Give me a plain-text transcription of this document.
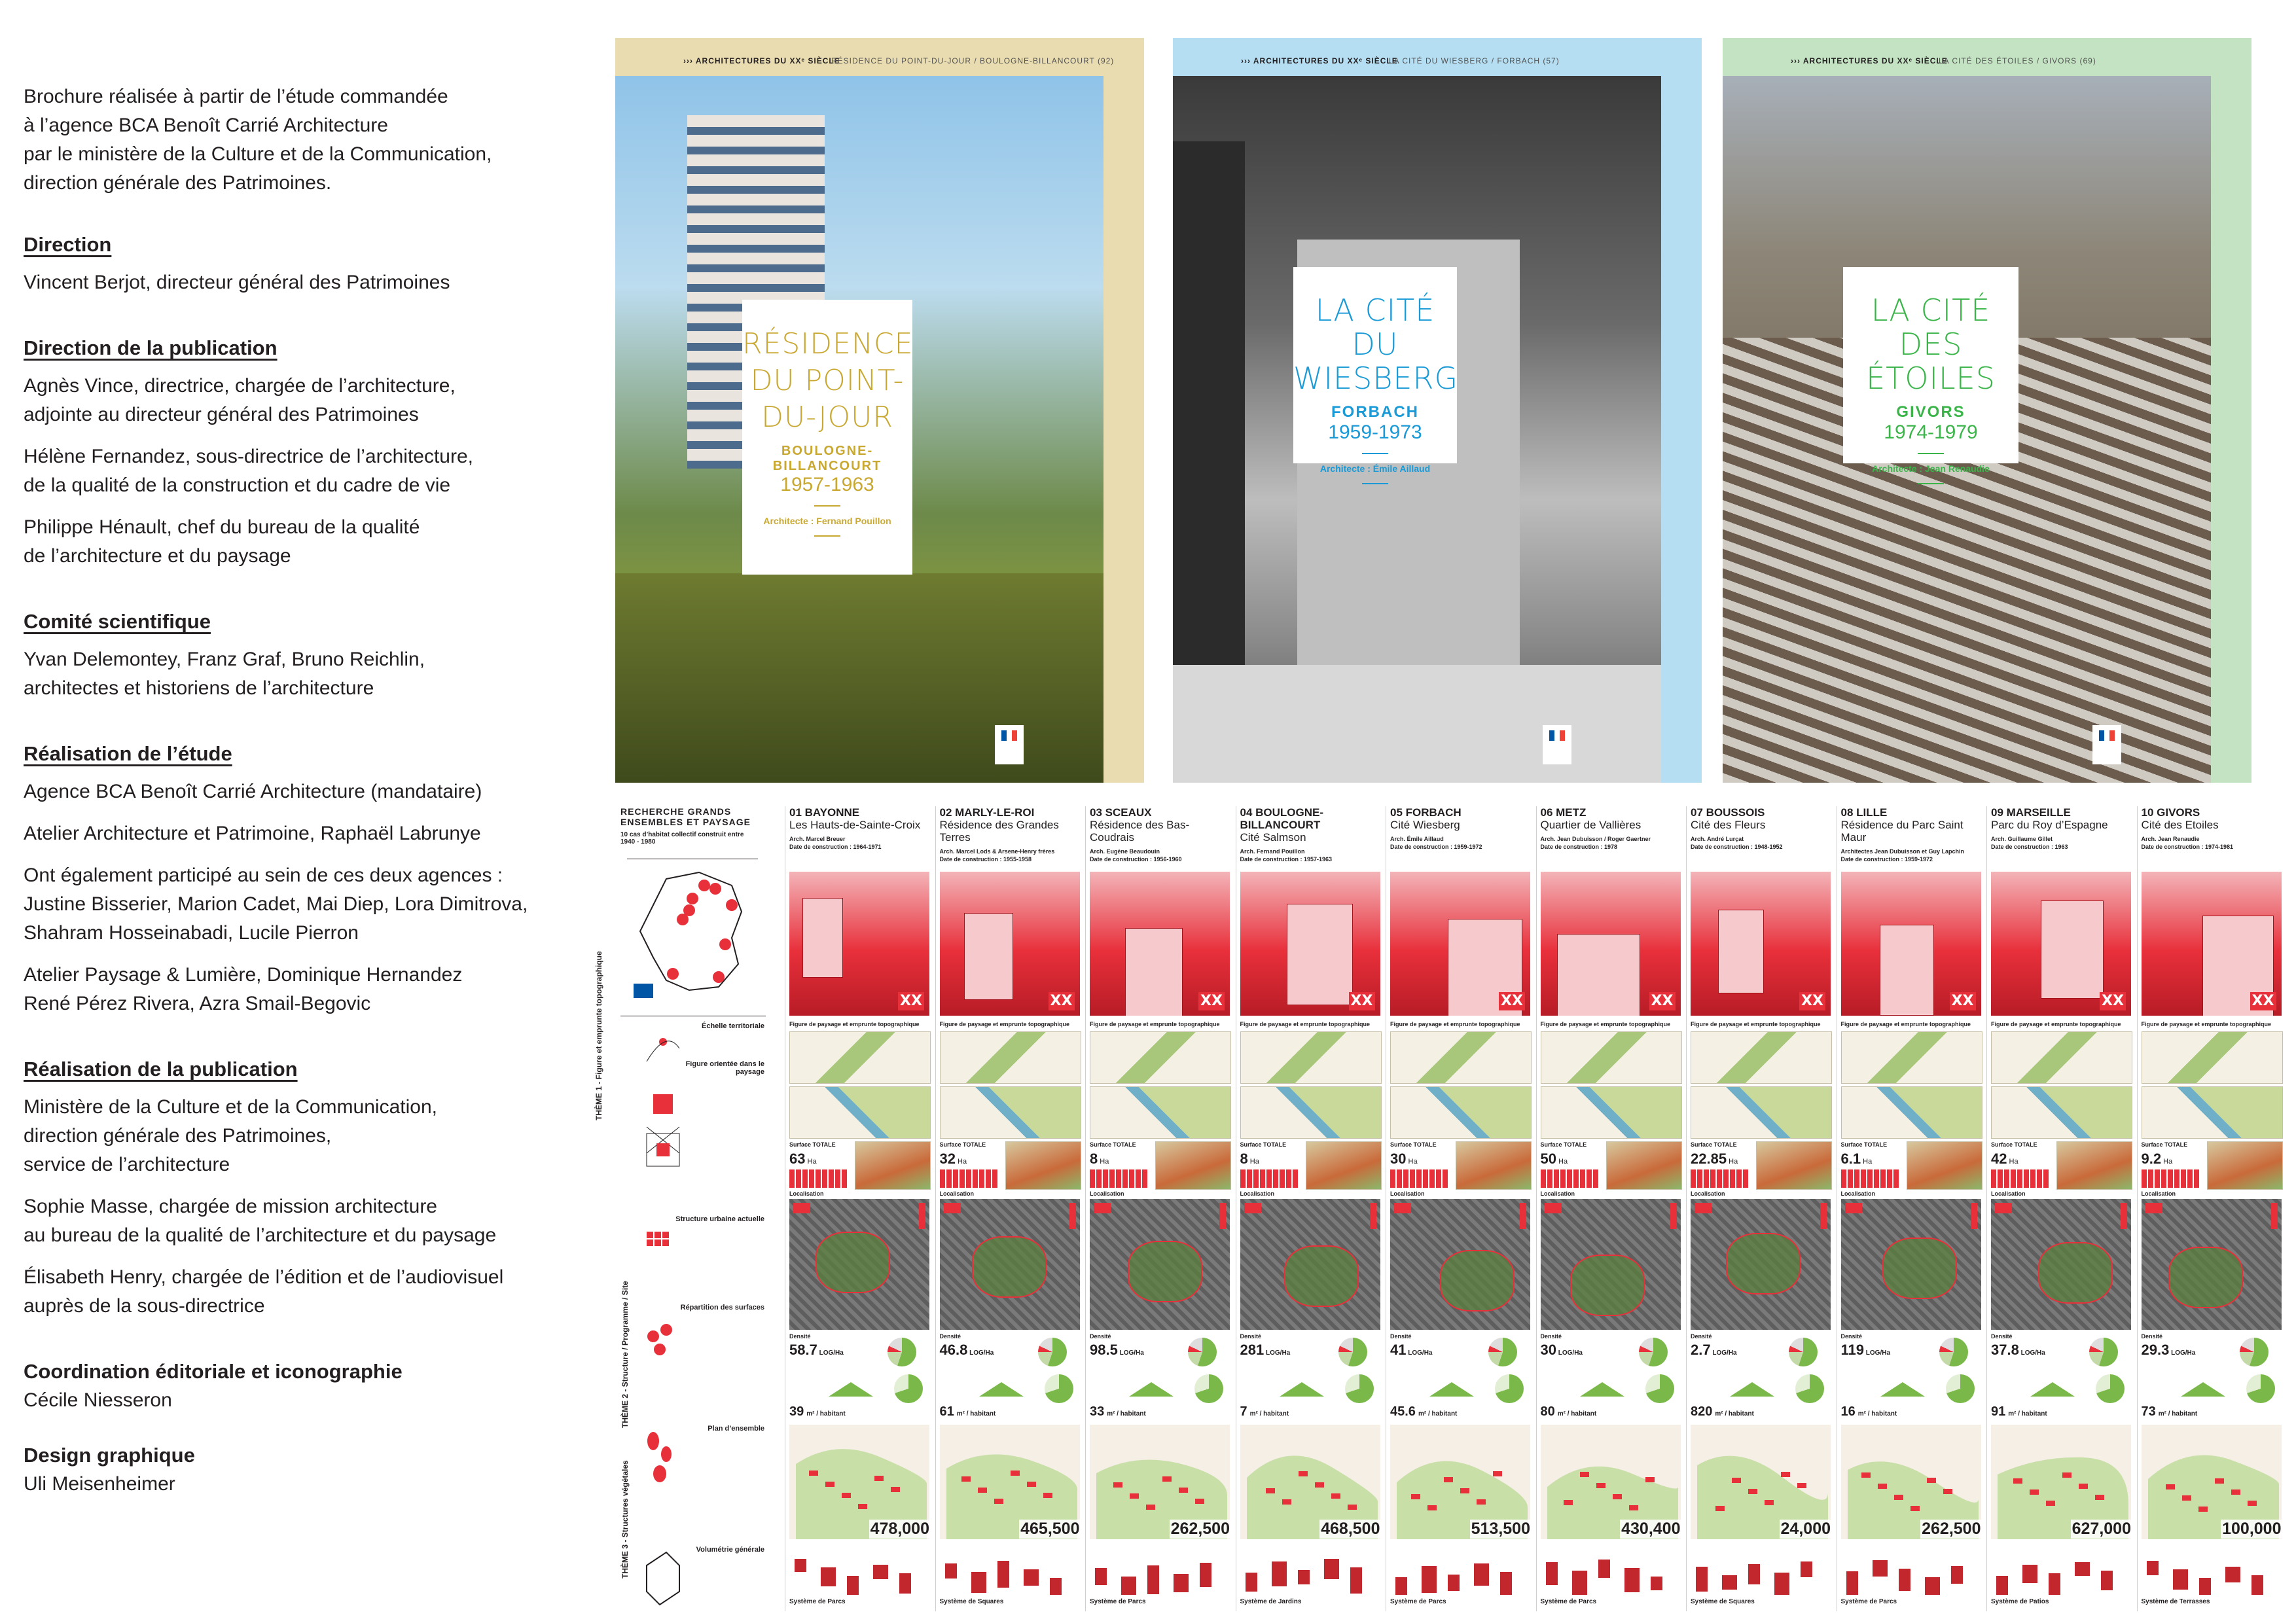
Brochure réalisée à partir de l’étude commandée
à l’agence BCA Benoît Carrié Architecture
par le ministère de la Culture et de la Communication,
direction générale des Patrimoines.

Direction

Vincent Berjot, directeur général des Patrimoines

Direction de la publication

Agnès Vince, directrice, chargée de l’architecture,
adjointe au directeur général des Patrimoines

Hélène Fernandez, sous-directrice de l’architecture,
de la qualité de la construction et du cadre de vie

Philippe Hénault, chef du bureau de la qualité
de l’architecture et du paysage

Comité scientifique

Yvan Delemontey, Franz Graf, Bruno Reichlin,
architectes et historiens de l’architecture

Réalisation de l’étude

Agence BCA Benoît Carrié Architecture (mandataire)

Atelier Architecture et Patrimoine, Raphaël Labrunye

Ont également participé au sein de ces deux agences :
Justine Bisserier, Marion Cadet, Mai Diep, Lora Dimitrova,
Shahram Hosseinabadi, Lucile Pierron

Atelier Paysage & Lumière, Dominique Hernandez
René Pérez Rivera, Azra Smail-Begovic

Réalisation de la publication

Ministère de la Culture et de la Communication,
direction générale des Patrimoines,
service de l’architecture

Sophie Masse, chargée de mission architecture
au bureau de la qualité de l’architecture et du paysage

Élisabeth Henry, chargée de l’édition et de l’audiovisuel
auprès de la sous-directrice

Coordination éditoriale et iconographie

Cécile Niesseron

Design graphique

Uli Meisenheimer

››› ARCHITECTURES DU XXᵉ SIÈCLE
RÉSIDENCE DU POINT-DU-JOUR / BOULOGNE-BILLANCOURT (92)
RÉSIDENCE
DU POINT-
DU-JOUR
BOULOGNE-BILLANCOURT
1957-1963
Architecte : Fernand Pouillon
››› ARCHITECTURES DU XXᵉ SIÈCLE
LA CITÉ DU WIESBERG / FORBACH (57)
LA CITÉ
DU WIESBERG
FORBACH
1959-1973
Architecte : Émile Aillaud
››› ARCHITECTURES DU XXᵉ SIÈCLE
LA CITÉ DES ÉTOILES / GIVORS (69)
LA CITÉ
DES ÉTOILES
GIVORS
1974-1979
Architecte : Jean Renaudie
RECHERCHE GRANDS
ENSEMBLES ET PAYSAGE
10 cas d’habitat collectif construit entre 1940 - 1980
Échelle territoriale
Figure orientée dans le paysage
Structure urbaine actuelle
Répartition des surfaces
Plan d’ensemble
Volumétrie générale
THÈME 1 - Figure et emprunte topographique
THÈME 2 - Structure / Programme / Site
THÈME 3 - Structures végétales
01 BAYONNE
Les Hauts-de-Sainte-Croix
Arch. Marcel Breuer
Date de construction : 1964-1971
XX
Figure de paysage et emprunte topographique
Surface TOTALE
63 Ha
Localisation
Densité
58.7 LOG/Ha
39 m² / habitant
478,000
Système de Parcs
02 MARLY-LE-ROI
Résidence des Grandes Terres
Arch. Marcel Lods & Arsene-Henry frères
Date de construction : 1955-1958
XX
Figure de paysage et emprunte topographique
Surface TOTALE
32 Ha
Localisation
Densité
46.8 LOG/Ha
61 m² / habitant
465,500
Système de Squares
03 SCEAUX
Résidence des Bas-Coudrais
Arch. Eugène Beaudouin
Date de construction : 1956-1960
XX
Figure de paysage et emprunte topographique
Surface TOTALE
8 Ha
Localisation
Densité
98.5 LOG/Ha
33 m² / habitant
262,500
Système de Parcs
04 BOULOGNE-BILLANCOURT
Cité Salmson
Arch. Fernand Pouillon
Date de construction : 1957-1963
XX
Figure de paysage et emprunte topographique
Surface TOTALE
8 Ha
Localisation
Densité
281 LOG/Ha
7 m² / habitant
468,500
Système de Jardins
05 FORBACH
Cité Wiesberg
Arch. Émile Aillaud
Date de construction : 1959-1972
XX
Figure de paysage et emprunte topographique
Surface TOTALE
30 Ha
Localisation
Densité
41 LOG/Ha
45.6 m² / habitant
513,500
Système de Parcs
06 METZ
Quartier de Vallières
Arch. Jean Dubuisson / Roger Gaertner
Date de construction : 1978
XX
Figure de paysage et emprunte topographique
Surface TOTALE
50 Ha
Localisation
Densité
30 LOG/Ha
80 m² / habitant
430,400
Système de Parcs
07 BOUSSOIS
Cité des Fleurs
Arch. André Lurçat
Date de construction : 1948-1952
XX
Figure de paysage et emprunte topographique
Surface TOTALE
22.85 Ha
Localisation
Densité
2.7 LOG/Ha
820 m² / habitant
24,000
Système de Squares
08 LILLE
Résidence du Parc Saint Maur
Architectes Jean Dubuisson et Guy Lapchin
Date de construction : 1959-1972
XX
Figure de paysage et emprunte topographique
Surface TOTALE
6.1 Ha
Localisation
Densité
119 LOG/Ha
16 m² / habitant
262,500
Système de Parcs
09 MARSEILLE
Parc du Roy d’Espagne
Arch. Guillaume Gillet
Date de construction : 1963
XX
Figure de paysage et emprunte topographique
Surface TOTALE
42 Ha
Localisation
Densité
37.8 LOG/Ha
91 m² / habitant
627,000
Système de Patios
10 GIVORS
Cité des Etoiles
Arch. Jean Renaudie
Date de construction : 1974-1981
XX
Figure de paysage et emprunte topographique
Surface TOTALE
9.2 Ha
Localisation
Densité
29.3 LOG/Ha
73 m² / habitant
100,000
Système de Terrasses
